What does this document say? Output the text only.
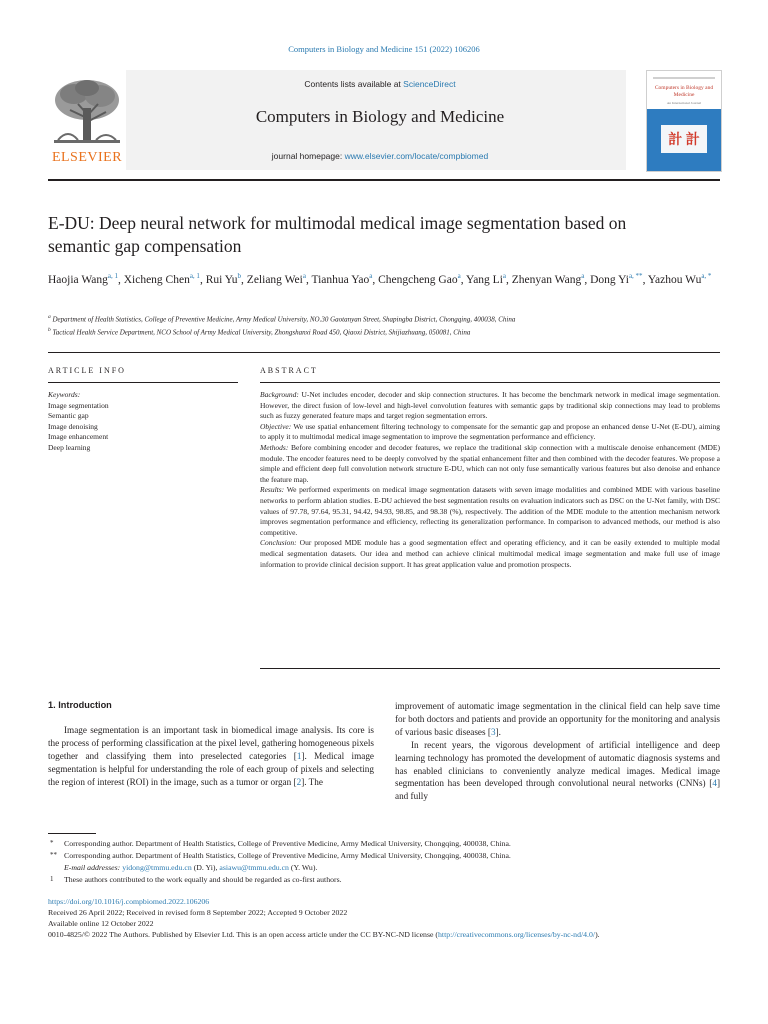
Computers in Biology and Medicine 151 (2022) 106206
ELSEVIER
Contents lists available at ScienceDirect
Computers in Biology and Medicine
journal homepage: www.elsevier.com/locate/compbiomed
Computers in Biology and Medicine
An International Journal
計 計
E-DU: Deep neural network for multimodal medical image segmentation based on semantic gap compensation
Haojia Wang$^{a, 1}$, Xicheng Chen$^{a, 1}$, Rui Yu$^b$, Zeliang Wei$^a$, Tianhua Yao$^a$, Chengcheng Gao$^a$, Yang Li$^a$, Zhenyan Wang$^a$, Dong Yi$^{a, **}$, Yazhou Wu$^{a, *}$
$^a$ Department of Health Statistics, College of Preventive Medicine, Army Medical University, NO.30 Gaotanyan Street, Shapingba District, Chongqing, 400038, China
$^b$ Tactical Health Service Department, NCO School of Army Medical University, Zhongshanxi Road 450, Qiaoxi District, Shijiazhuang, 050081, China
ARTICLE INFO
Keywords:
Image segmentation
Semantic gap
Image denoising
Image enhancement
Deep learning
ABSTRACT

Background: U-Net includes encoder, decoder and skip connection structures. It has become the benchmark network in medical image segmentation. However, the direct fusion of low-level and high-level convolution features with semantic gaps by traditional skip connections may lead to problems such as fuzzy generated feature maps and target region segmentation errors.

Objective: We use spatial enhancement filtering technology to compensate for the semantic gap and propose an enhanced dense U-Net (E-DU), aiming to apply it to multimodal medical image segmentation to improve the segmentation performance and efficiency.

Methods: Before combining encoder and decoder features, we replace the traditional skip connection with a multiscale denoise enhancement (MDE) module. The encoder features need to be deeply convolved by the spatial enhancement filter and then combined with the decoder features. We propose a simple and efficient deep full convolution network structure E-DU, which can not only fuse semantically various features but also denoise and enhance the feature map.

Results: We performed experiments on medical image segmentation datasets with seven image modalities and combined MDE with various baseline networks to perform ablation studies. E-DU achieved the best segmentation results on evaluation indicators such as DSC on the U-Net family, with DSC values of 97.78, 97.64, 95.31, 94.42, 94.93, 98.85, and 98.38 (%), respectively. The addition of the MDE module to the attention mechanism network improves segmentation performance and efficiency, reflecting its generalization performance. In comparison to advanced methods, our method is also competitive.

Conclusion: Our proposed MDE module has a good segmentation effect and operating efficiency, and it can be easily extended to multiple modal medical segmentation datasets. Our idea and method can achieve clinical multimodal medical image segmentation and make full use of image information to provide clinical decision support. It has great application value and promotion prospects.

1. Introduction

Image segmentation is an important task in biomedical image analysis. Its core is the process of performing classification at the pixel level, gathering homogeneous pixels together and classifying them into preselected categories [1]. Medical image segmentation is helpful for understanding the role of each group of pixels and selecting the region of interest (ROI) in the image, such as a tumor or organ [2]. The

improvement of automatic image segmentation in the clinical field can help save time for both doctors and patients and provide an opportunity for the monitoring and analysis of various basic diseases [3].

In recent years, the vigorous development of artificial intelligence and deep learning technology has promoted the development of automatic diagnosis systems and has enabled clinicians to conveniently analyze medical images. Medical image segmentation has been developed through convolutional neural networks (CNNs) [4] and fully

* Corresponding author. Department of Health Statistics, College of Preventive Medicine, Army Medical University, Chongqing, 400038, China.
** Corresponding author. Department of Health Statistics, College of Preventive Medicine, Army Medical University, Chongqing, 400038, China.
E-mail addresses: yidong@tmmu.edu.cn (D. Yi), asiawu@tmmu.edu.cn (Y. Wu).
1 These authors contributed to the work equally and should be regarded as co-first authors.
https://doi.org/10.1016/j.compbiomed.2022.106206
Received 26 April 2022; Received in revised form 8 September 2022; Accepted 9 October 2022
Available online 12 October 2022
0010-4825/© 2022 The Authors. Published by Elsevier Ltd. This is an open access article under the CC BY-NC-ND license (http://creativecommons.org/licenses/by-nc-nd/4.0/).
